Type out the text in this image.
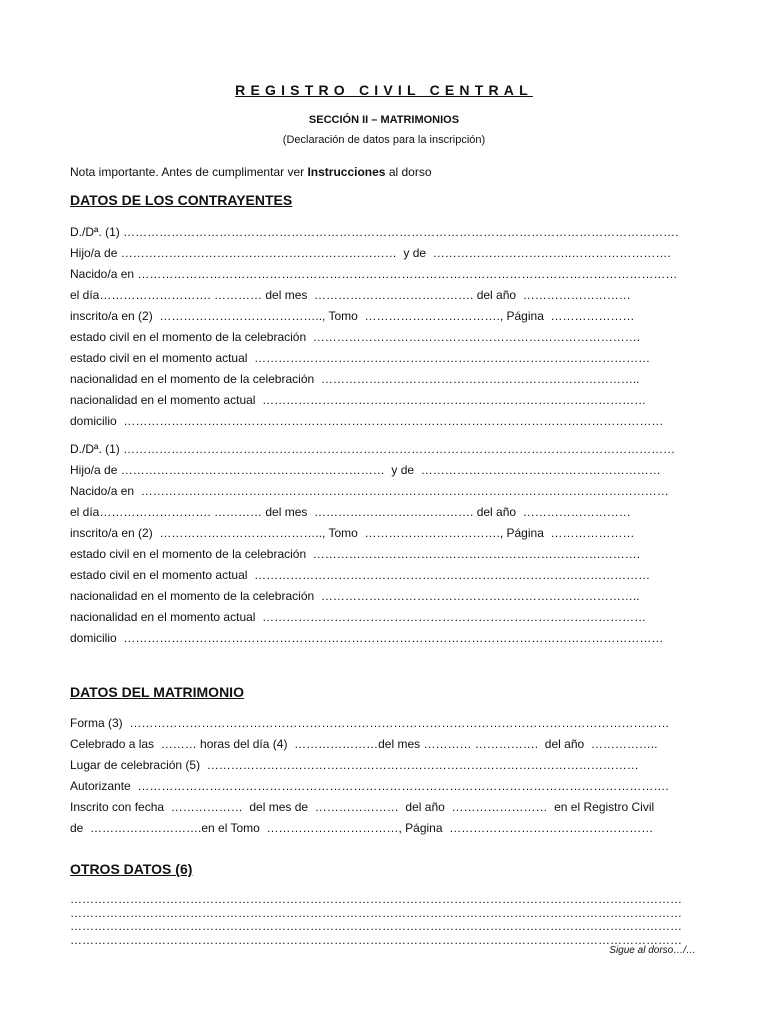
REGISTRO CIVIL CENTRAL
SECCIÓN II – MATRIMONIOS
(Declaración de datos para la inscripción)
Nota importante. Antes de cumplimentar ver Instrucciones al dorso
DATOS DE LOS CONTRAYENTES
D./Dª. (1) ………………………………………………………………………………………………………………………….
Hijo/a de ……………………………………………………………  y de  ……………………………..…………………….
Nacido/a en ………………………………………………………………………………………………………………………
el día………………………. ………… del mes  …………………………………. del año  ………………………
inscrito/a en (2)  ………………………………….., Tomo  ……………………………., Página  …………………
estado civil en el momento de la celebración  ……………………………………………………………………….
estado civil en el momento actual  ………………………………………………………………………………………
nacionalidad en el momento de la celebración  ……………………………………………………………………..
nacionalidad en el momento actual  ……………………………………………………………………………………
domicilio  ………………………………………………………………………………………………………………………
D./Dª. (1) …………………………………………………………………………………………………………………………
Hijo/a de …………………………………………………………  y de  ……………………………………………………
Nacido/a en  ……………………………………………………………………………………………………………………
el día………………………. ………… del mes  …………………………………. del año  ………………………
inscrito/a en (2)  ………………………………….., Tomo  ……………………………., Página  …………………
estado civil en el momento de la celebración  ……………………………………………………………………….
estado civil en el momento actual  ………………………………………………………………………………………
nacionalidad en el momento de la celebración  ……………………………………………………………………..
nacionalidad en el momento actual  ……………………………………………………………………………………
domicilio  ………………………………………………………………………………………………………………………
DATOS DEL MATRIMONIO
Forma (3)  ………………………………………………………………………………………………………………………
Celebrado a las  ……… horas del día (4)  …………………del mes ………… …………….  del año  ……………..
Lugar de celebración (5)  ………………………………………………………………………………………………
Autorizante  …………………………………………………………………………………………………………………….
Inscrito con fecha  ………………  del mes de  …………………  del año  ……………………  en el Registro Civil
de  ……………………….en el Tomo  ……………………………, Página  ……………………………………………
OTROS DATOS (6)
………………………………………………………………………………………………………………………………………
………………………………………………………………………………………………………………………………………
………………………………………………………………………………………………………………………………………
………………………………………………………………………………………………………………………………………
Sigue al dorso…/…
